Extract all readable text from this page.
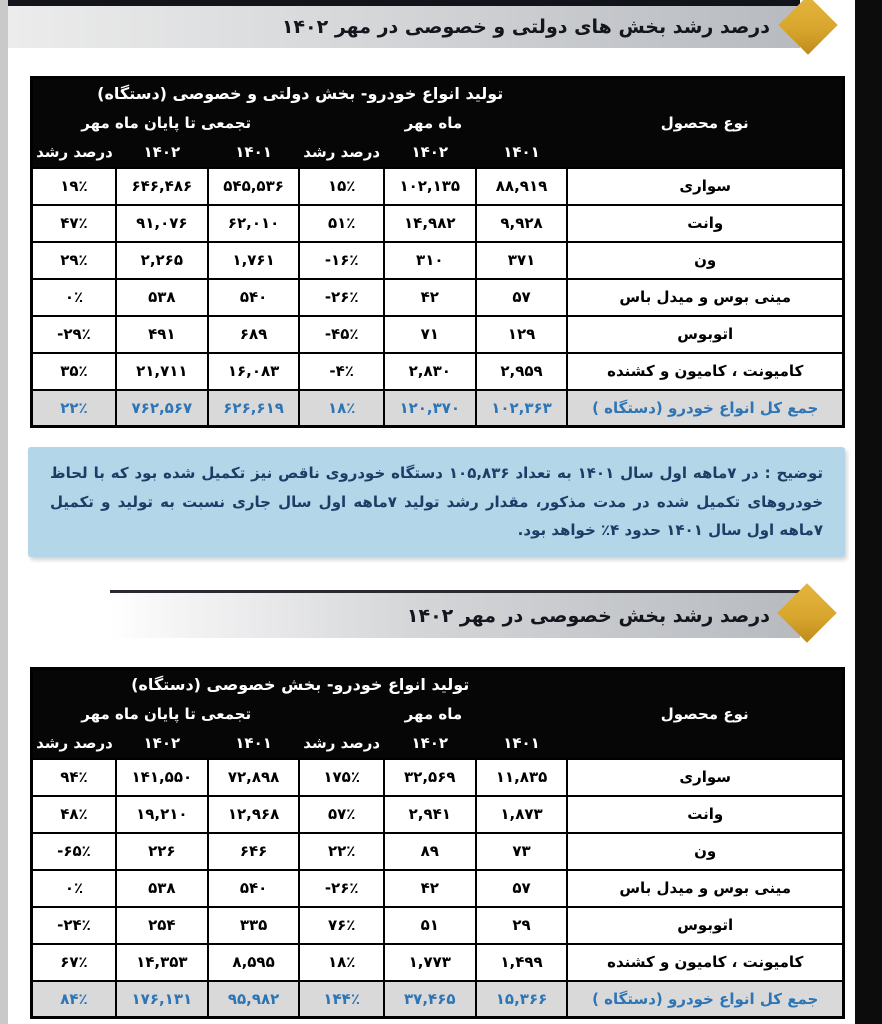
درصد رشد بخش های دولتی و خصوصی در مهر ۱۴۰۲
نوع محصول	تولید انواع خودرو- بخش دولتی و خصوصی (دستگاه)					
	ماه مهر			تجمعی تا پایان ماه مهر		
	۱۴۰۱	۱۴۰۲	درصد رشد	۱۴۰۱	۱۴۰۲	درصد رشد
سواری	۸۸,۹۱۹	۱۰۲,۱۳۵	۱۵٪	۵۴۵,۵۳۶	۶۴۶,۴۸۶	۱۹٪
وانت	۹,۹۲۸	۱۴,۹۸۲	۵۱٪	۶۲,۰۱۰	۹۱,۰۷۶	۴۷٪
ون	۳۷۱	۳۱۰	-۱۶٪	۱,۷۶۱	۲,۲۶۵	۲۹٪
مینی بوس و میدل باس	۵۷	۴۲	-۲۶٪	۵۴۰	۵۳۸	۰٪
اتوبوس	۱۲۹	۷۱	-۴۵٪	۶۸۹	۴۹۱	-۲۹٪
کامیونت ، کامیون و کشنده	۲,۹۵۹	۲,۸۳۰	-۴٪	۱۶,۰۸۳	۲۱,۷۱۱	۳۵٪
جمع کل انواع خودرو (دستگاه )	۱۰۲,۳۶۳	۱۲۰,۳۷۰	۱۸٪	۶۲۶,۶۱۹	۷۶۲,۵۶۷	۲۲٪
توضیح : در ۷ماهه اول سال ۱۴۰۱ به تعداد ۱۰۵,۸۳۶ دستگاه خودروی ناقص نیز تکمیل شده بود که با لحاظ خودروهای تکمیل شده در مدت مذکور، مقدار رشد تولید ۷ماهه اول سال جاری نسبت به تولید و تکمیل ۷ماهه اول سال ۱۴۰۱ حدود ۴٪ خواهد بود.
درصد رشد بخش خصوصی در مهر ۱۴۰۲
نوع محصول	تولید انواع خودرو- بخش خصوصی (دستگاه)					
	ماه مهر			تجمعی تا پایان ماه مهر		
	۱۴۰۱	۱۴۰۲	درصد رشد	۱۴۰۱	۱۴۰۲	درصد رشد
سواری	۱۱,۸۳۵	۳۲,۵۶۹	۱۷۵٪	۷۲,۸۹۸	۱۴۱,۵۵۰	۹۴٪
وانت	۱,۸۷۳	۲,۹۴۱	۵۷٪	۱۲,۹۶۸	۱۹,۲۱۰	۴۸٪
ون	۷۳	۸۹	۲۲٪	۶۴۶	۲۲۶	-۶۵٪
مینی بوس و میدل باس	۵۷	۴۲	-۲۶٪	۵۴۰	۵۳۸	۰٪
اتوبوس	۲۹	۵۱	۷۶٪	۳۳۵	۲۵۴	-۲۴٪
کامیونت ، کامیون و کشنده	۱,۴۹۹	۱,۷۷۳	۱۸٪	۸,۵۹۵	۱۴,۳۵۳	۶۷٪
جمع کل انواع خودرو (دستگاه )	۱۵,۳۶۶	۳۷,۴۶۵	۱۴۴٪	۹۵,۹۸۲	۱۷۶,۱۳۱	۸۴٪
